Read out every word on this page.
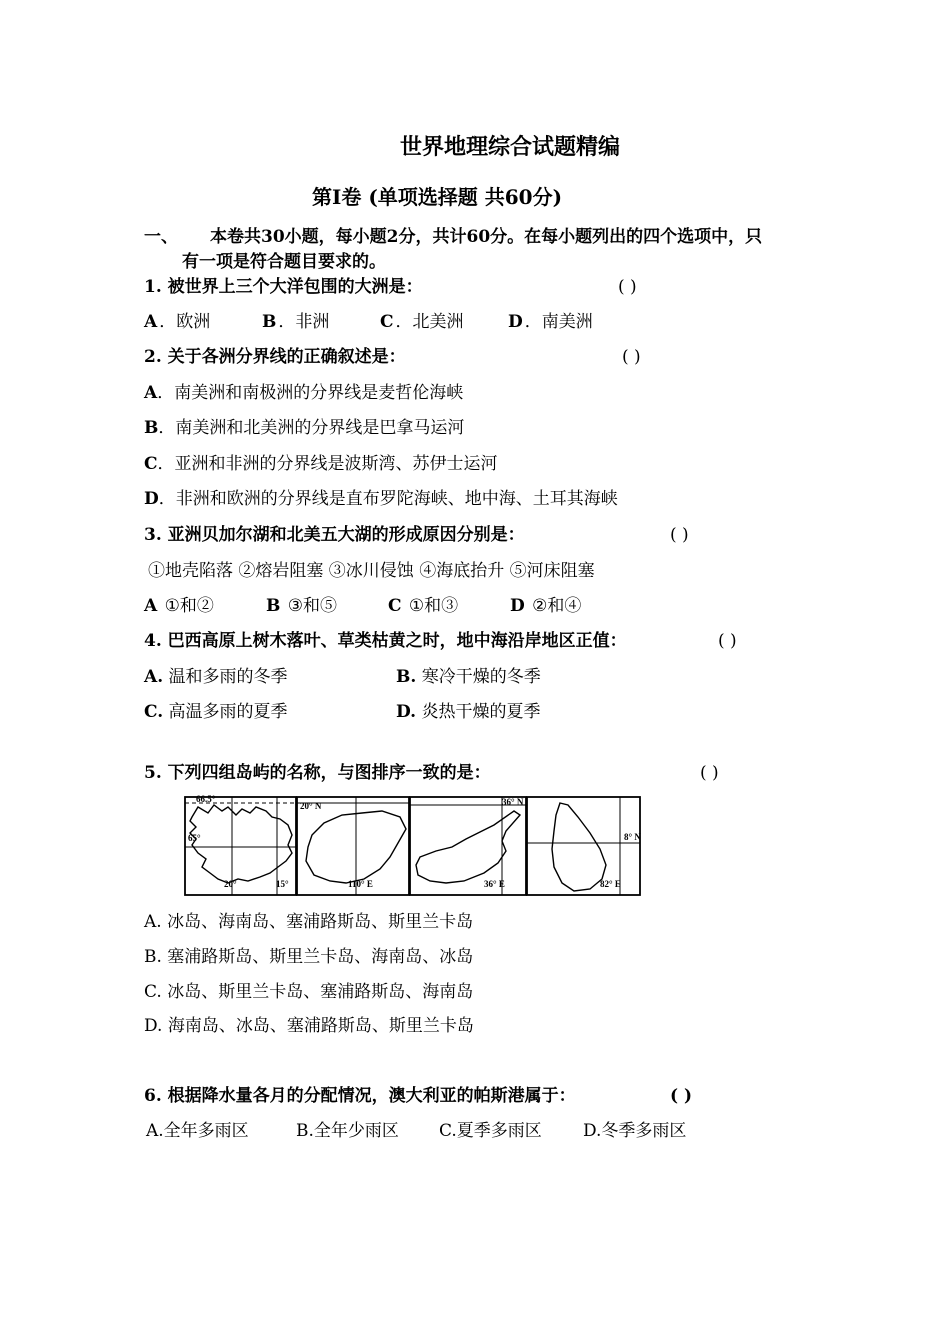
世界地理综合试题精编
第Ⅰ卷 (单项选择题 共60分)
一、 本卷共30小题，每小题2分，共计60分。在每小题列出的四个选项中，只
有一项是符合题目要求的。
1. 被世界上三个大洋包围的大洲是：	( )
A ．欧洲	B ．非洲	C ．北美洲	D ．南美洲
2. 关于各洲分界线的正确叙述是：	( )
A．南美洲和南极洲的分界线是麦哲伦海峡
B．南美洲和北美洲的分界线是巴拿马运河
C．亚洲和非洲的分界线是波斯湾、苏伊士运河
D．非洲和欧洲的分界线是直布罗陀海峡、地中海、土耳其海峡
3. 亚洲贝加尔湖和北美五大湖的形成原因分别是：	( )
①地壳陷落 ②熔岩阻塞 ③冰川侵蚀 ④海底抬升 ⑤河床阻塞
A ①和②	B ③和⑤	C ①和③	D ②和④
4. 巴西高原上树木落叶、草类枯黄之时，地中海沿岸地区正值：	( )
A. 温和多雨的冬季	B. 寒冷干燥的冬季
C. 高温多雨的夏季	D. 炎热干燥的夏季
5. 下列四组岛屿的名称，与图排序一致的是：	( )
66.5°
65°
20°	15°
20° N
110° E
36° N
36° E
8° N
82° E
A. 冰岛、海南岛、塞浦路斯岛、斯里兰卡岛
B. 塞浦路斯岛、斯里兰卡岛、海南岛、冰岛
C. 冰岛、斯里兰卡岛、塞浦路斯岛、海南岛
D. 海南岛、冰岛、塞浦路斯岛、斯里兰卡岛
6. 根据降水量各月的分配情况，澳大利亚的帕斯港属于：	( )
A.全年多雨区	B.全年少雨区 C.夏季多雨区 D.冬季多雨区
